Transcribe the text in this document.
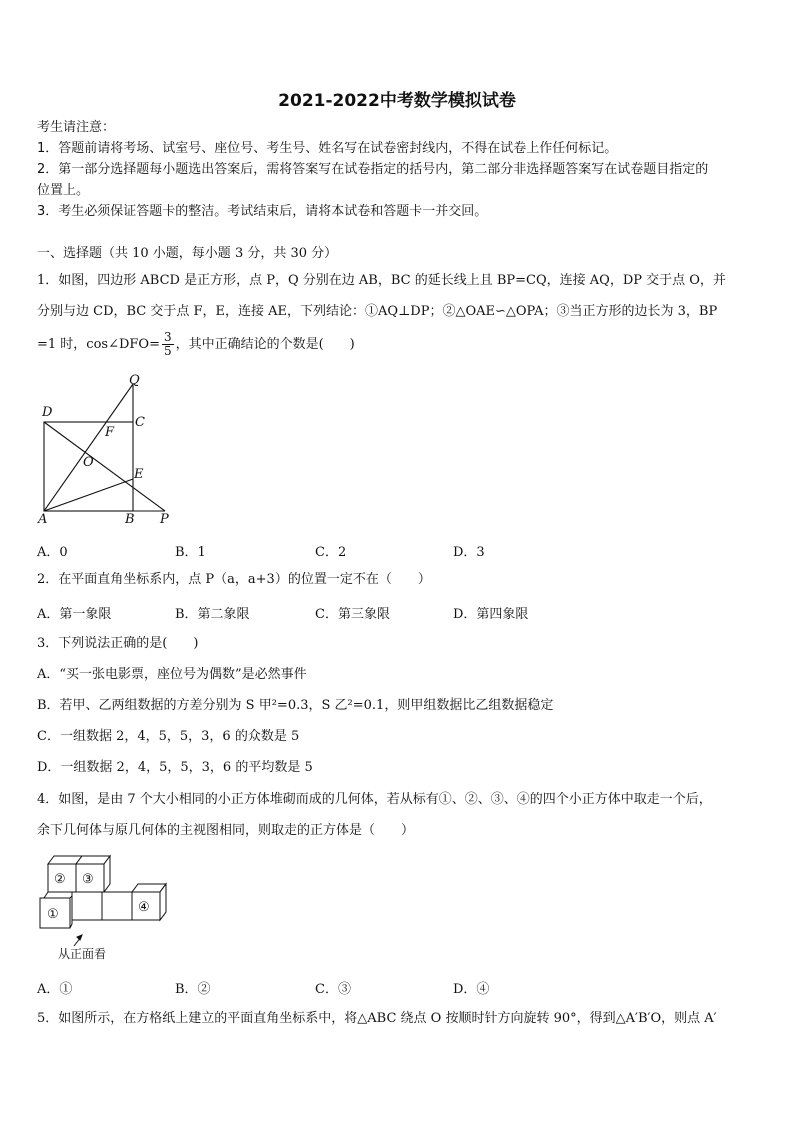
2021-2022中考数学模拟试卷
考生请注意：
1．答题前请将考场、试室号、座位号、考生号、姓名写在试卷密封线内，不得在试卷上作任何标记。
2．第一部分选择题每小题选出答案后，需将答案写在试卷指定的括号内，第二部分非选择题答案写在试卷题目指定的
位置上。
3．考生必须保证答题卡的整洁。考试结束后，请将本试卷和答题卡一并交回。
一、选择题（共 10 小题，每小题 3 分，共 30 分）
1．如图，四边形 ABCD 是正方形，点 P，Q 分别在边 AB，BC 的延长线上且 BP=CQ，连接 AQ，DP 交于点 O，并
分别与边 CD，BC 交于点 F，E，连接 AE，下列结论：①AQ⊥DP；②△OAE∽△OPA；③当正方形的边长为 3，BP
=1 时，cos∠DFO= $\frac{3}{5}$ ，其中正确结论的个数是(　　)
Q
D
C
F
O
E
A	B P
A．0	B．1	C．2	D．3
2．在平面直角坐标系内，点 P（a，a+3）的位置一定不在（　　）
A．第一象限	B．第二象限	C．第三象限	D．第四象限
3．下列说法正确的是(　　)
A．“买一张电影票，座位号为偶数”是必然事件
B．若甲、乙两组数据的方差分别为 S 甲²=0.3，S 乙²=0.1，则甲组数据比乙组数据稳定
C．一组数据 2，4，5，5，3，6 的众数是 5
D．一组数据 2，4，5，5，3，6 的平均数是 5
4．如图，是由 7 个大小相同的小正方体堆砌而成的几何体，若从标有①、②、③、④的四个小正方体中取走一个后，
余下几何体与原几何体的主视图相同，则取走的正方体是（　　）
② ③
①	④
从正面看
A．①	B．②	C．③	D．④
5．如图所示，在方格纸上建立的平面直角坐标系中，将△ABC 绕点 O 按顺时针方向旋转 90°，得到△A′B′O，则点 A′
